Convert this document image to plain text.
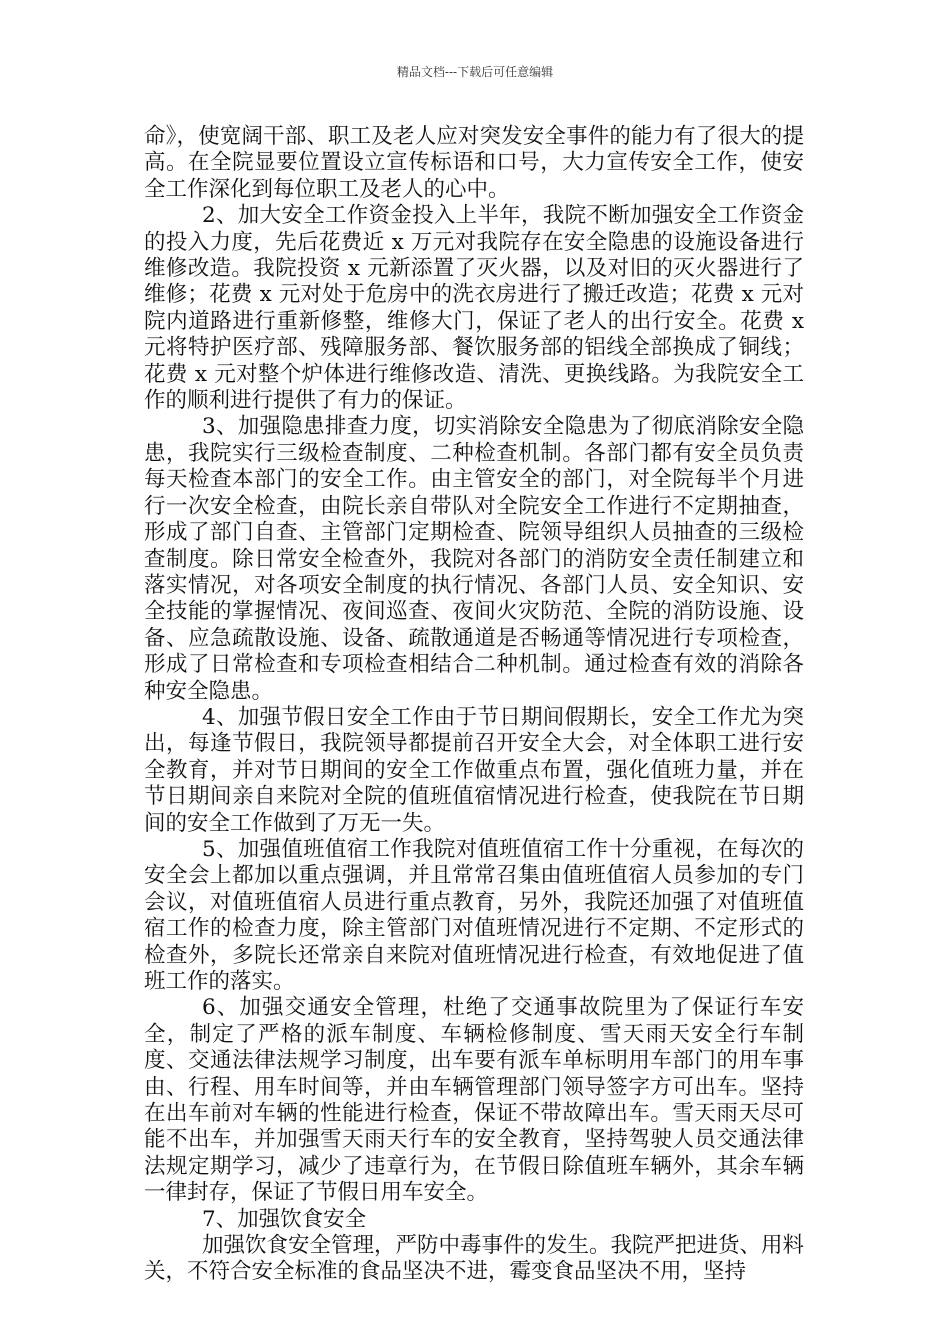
精品文档---下载后可任意编辑

命》，使宽阔干部、职工及老人应对突发安全事件的能力有了很大的提高。在全院显要位置设立宣传标语和口号，大力宣传安全工作，使安全工作深化到每位职工及老人的心中。

2、加大安全工作资金投入上半年，我院不断加强安全工作资金的投入力度，先后花费近 x 万元对我院存在安全隐患的设施设备进行维修改造。我院投资 x 元新添置了灭火器，以及对旧的灭火器进行了维修；花费 x 元对处于危房中的洗衣房进行了搬迁改造；花费 x 元对院内道路进行重新修整，维修大门，保证了老人的出行安全。花费 x 元将特护医疗部、残障服务部、餐饮服务部的铝线全部换成了铜线；花费 x 元对整个炉体进行维修改造、清洗、更换线路。为我院安全工作的顺利进行提供了有力的保证。

3、加强隐患排查力度，切实消除安全隐患为了彻底消除安全隐患，我院实行三级检查制度、二种检查机制。各部门都有安全员负责每天检查本部门的安全工作。由主管安全的部门，对全院每半个月进行一次安全检查，由院长亲自带队对全院安全工作进行不定期抽查，形成了部门自查、主管部门定期检查、院领导组织人员抽查的三级检查制度。除日常安全检查外，我院对各部门的消防安全责任制建立和落实情况，对各项安全制度的执行情况、各部门人员、安全知识、安全技能的掌握情况、夜间巡查、夜间火灾防范、全院的消防设施、设备、应急疏散设施、设备、疏散通道是否畅通等情况进行专项检查，形成了日常检查和专项检查相结合二种机制。通过检查有效的消除各种安全隐患。

4、加强节假日安全工作由于节日期间假期长，安全工作尤为突出，每逢节假日，我院领导都提前召开安全大会，对全体职工进行安全教育，并对节日期间的安全工作做重点布置，强化值班力量，并在节日期间亲自来院对全院的值班值宿情况进行检查，使我院在节日期间的安全工作做到了万无一失。

5、加强值班值宿工作我院对值班值宿工作十分重视，在每次的安全会上都加以重点强调，并且常常召集由值班值宿人员参加的专门会议，对值班值宿人员进行重点教育，另外，我院还加强了对值班值宿工作的检查力度，除主管部门对值班情况进行不定期、不定形式的检查外，多院长还常亲自来院对值班情况进行检查，有效地促进了值班工作的落实。

6、加强交通安全管理，杜绝了交通事故院里为了保证行车安全，制定了严格的派车制度、车辆检修制度、雪天雨天安全行车制度、交通法律法规学习制度，出车要有派车单标明用车部门的用车事由、行程、用车时间等，并由车辆管理部门领导签字方可出车。坚持在出车前对车辆的性能进行检查，保证不带故障出车。雪天雨天尽可能不出车，并加强雪天雨天行车的安全教育，坚持驾驶人员交通法律法规定期学习，减少了违章行为，在节假日除值班车辆外，其余车辆一律封存，保证了节假日用车安全。

7、加强饮食安全

加强饮食安全管理，严防中毒事件的发生。我院严把进货、用料关，不符合安全标准的食品坚决不进，霉变食品坚决不用，坚持
